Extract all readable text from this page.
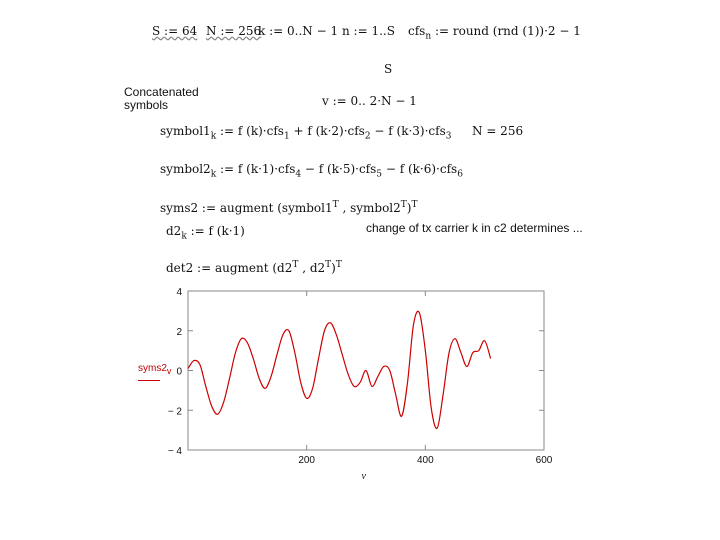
S := 64 N := 256
k := 0..N − 1 n := 1..S cfs$_n$ := round (rnd (1))·2 − 1
S
Concatenated
symbols	v := 0.. 2·N − 1
$symbol1_k$ := f (k)·cfs$_1$ + f (k·2)·cfs$_2$ − f (k·3)·cfs$_3$ N = 256
$symbol2_k$ := f (k·1)·cfs$_4$ − f (k·5)·cfs$_5$ − f (k·6)·cfs$_6$
syms2 := augment ($symbol1^T$ , $symbol2^T)^T$
$d2_k$ := f (k·1)	change of tx carrier k in c2 determines ...
det2 := augment ($d2^T$ , $d2^T)^T$
$syms2_v$
4
2
0
− 2
− 4
200	400	600
v
